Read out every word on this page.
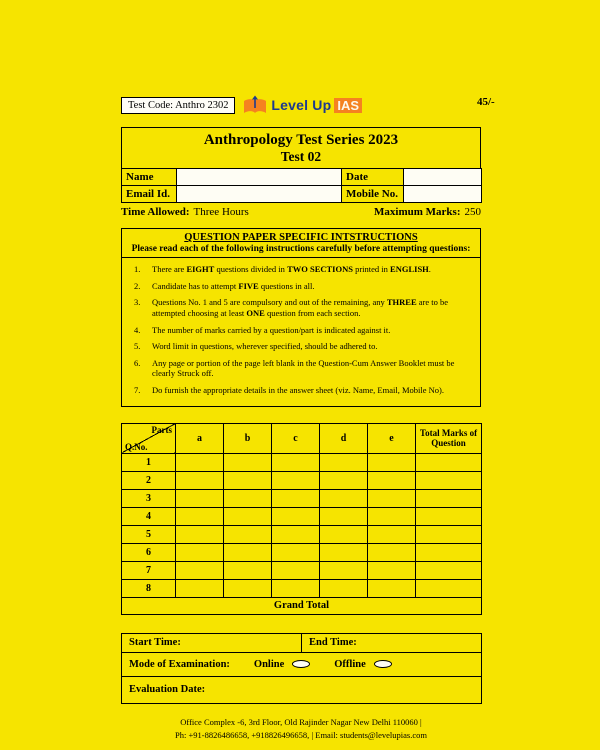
45/-
Test Code: Anthro 2302	Level Up IAS
Anthropology Test Series 2023
Test 02
Name		Date	
Email Id.		Mobile No.	
Time Allowed: Three Hours	Maximum Marks: 250
QUESTION PAPER SPECIFIC INTSTRUCTIONS
Please read each of the following instructions carefully before attempting questions:
1.	There are EIGHT questions divided in TWO SECTIONS printed in ENGLISH.
2.	Candidate has to attempt FIVE questions in all.
3.	Questions No. 1 and 5 are compulsory and out of the remaining, any THREE are to be attempted choosing at least ONE question from each section.
4.	The number of marks carried by a question/part is indicated against it.
5.	Word limit in questions, wherever specified, should be adhered to.
6.	Any page or portion of the page left blank in the Question-Cum Answer Booklet must be clearly Struck off.
7.	Do furnish the appropriate details in the answer sheet (viz. Name, Email, Mobile No).
Parts
Q.No.	a	b	c	d	e	Total Marks of Question
1						
2						
3						
4						
5						
6						
7						
8						
Grand Total						
Start Time:	End Time:
Mode of Examination: Online	Offline
Evaluation Date:
Office Complex -6, 3rd Floor, Old Rajinder Nagar New Delhi 110060 |
Ph: +91-8826486658, +918826496658, | Email: students@levelupias.com
